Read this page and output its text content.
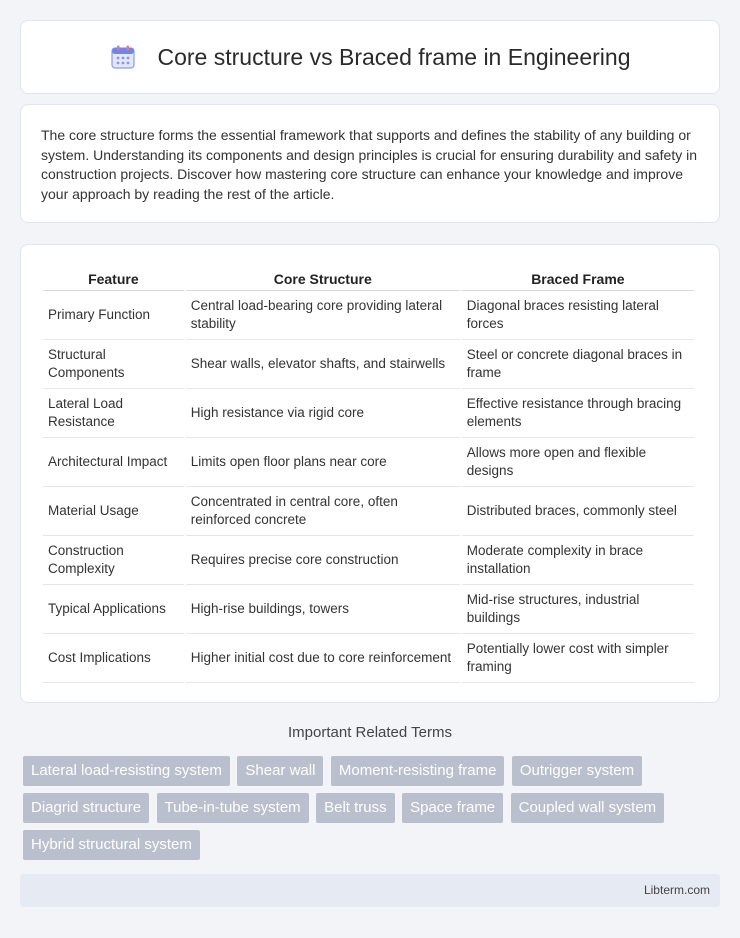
Core structure vs Braced frame in Engineering

The core structure forms the essential framework that supports and defines the stability of any building or system. Understanding its components and design principles is crucial for ensuring durability and safety in construction projects. Discover how mastering core structure can enhance your knowledge and improve your approach by reading the rest of the article.

Feature	Core Structure	Braced Frame
Primary Function	Central load-bearing core providing lateral stability	Diagonal braces resisting lateral forces
Structural Components	Shear walls, elevator shafts, and stairwells	Steel or concrete diagonal braces in frame
Lateral Load Resistance	High resistance via rigid core	Effective resistance through bracing elements
Architectural Impact	Limits open floor plans near core	Allows more open and flexible designs
Material Usage	Concentrated in central core, often reinforced concrete	Distributed braces, commonly steel
Construction Complexity	Requires precise core construction	Moderate complexity in brace installation
Typical Applications	High-rise buildings, towers	Mid-rise structures, industrial buildings
Cost Implications	Higher initial cost due to core reinforcement	Potentially lower cost with simpler framing
Important Related Terms
Lateral load-resisting system Shear wall Moment-resisting frame Outrigger system Diagrid structure Tube-in-tube system Belt truss Space frame Coupled wall system Hybrid structural system
Libterm.com
